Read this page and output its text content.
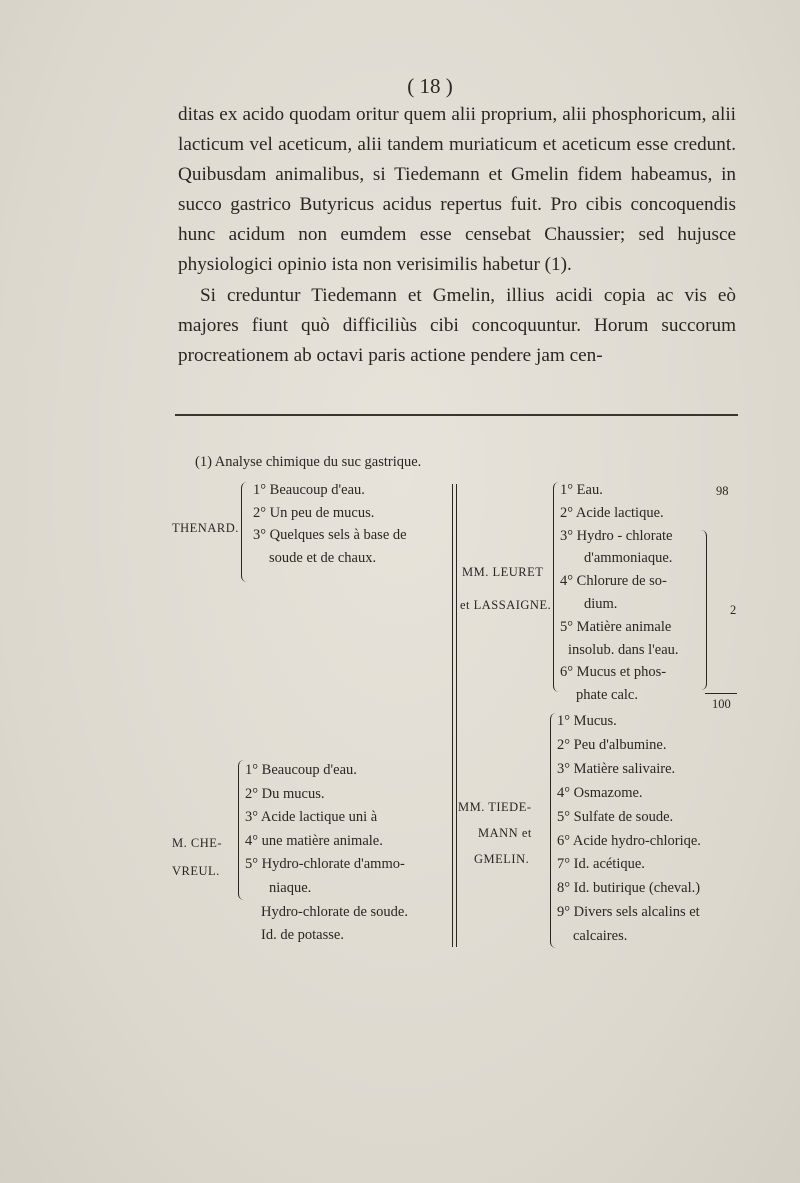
( 18 )

ditas ex acido quodam oritur quem alii proprium, alii phosphoricum, alii lacticum vel aceticum, alii tandem muriaticum et aceticum esse credunt. Quibusdam animalibus, si Tiedemann et Gmelin fidem habeamus, in succo gastrico Butyricus acidus repertus fuit. Pro cibis concoquendis hunc acidum non eumdem esse censebat Chaussier; sed hujusce physiologici opinio ista non verisimilis habetur (1).

Si creduntur Tiedemann et Gmelin, illius acidi copia ac vis eò majores fiunt quò difficiliùs cibi concoquuntur. Horum succorum procreationem ab octavi paris actione pendere jam cen-

(1) Analyse chimique du suc gastrique.
THENARD.
1° Beaucoup d'eau.
2° Un peu de mucus.
3° Quelques sels à base de
soude et de chaux.
MM. LEURET
et LASSAIGNE.
1° Eau.
2° Acide lactique.
3° Hydro - chlorate
d'ammoniaque.
4° Chlorure de so-
dium.
5° Matière animale
insolub. dans l'eau.
6° Mucus et phos-
phate calc.
98
2
100
M. CHE-
VREUL.
1° Beaucoup d'eau.
2° Du mucus.
3° Acide lactique uni à
4° une matière animale.
5° Hydro-chlorate d'ammo-
niaque.
Hydro-chlorate de soude.
Id. de potasse.
MM. TIEDE-
MANN et
GMELIN.
1° Mucus.
2° Peu d'albumine.
3° Matière salivaire.
4° Osmazome.
5° Sulfate de soude.
6° Acide hydro-chloriqe.
7° Id. acétique.
8° Id. butirique (cheval.)
9° Divers sels alcalins et
calcaires.
